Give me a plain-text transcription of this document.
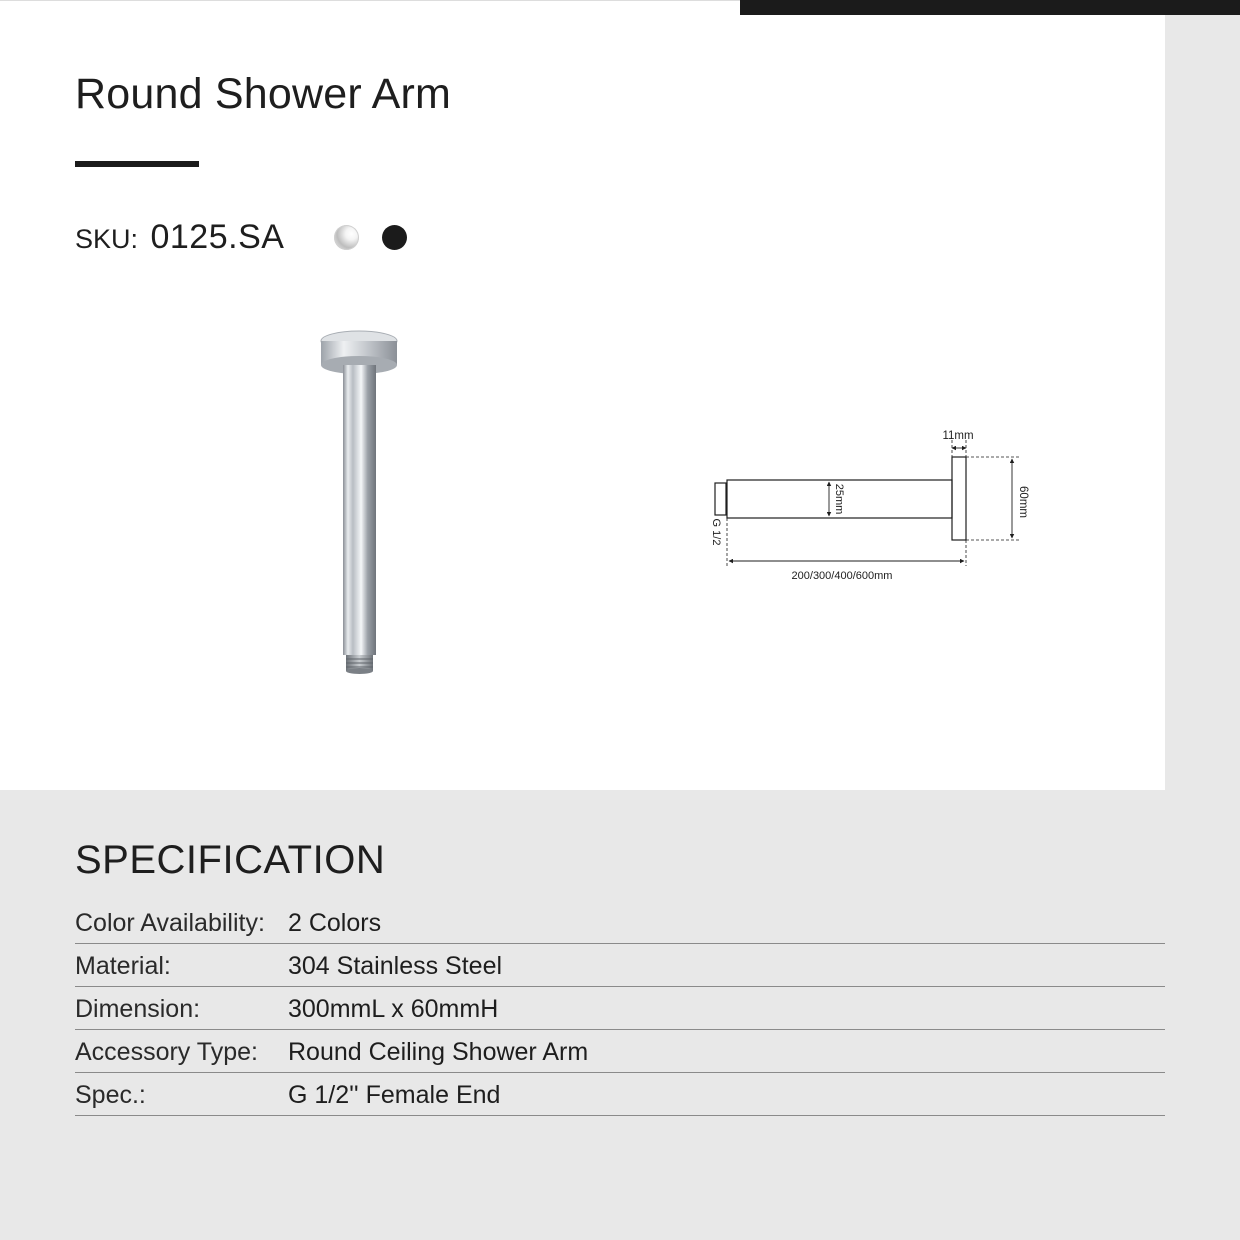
Round Shower Arm
SKU: 0125.SA
11mm
60mm
25mm
G 1/2
200/300/400/600mm
SPECIFICATION
Color Availability: 2 Colors
Material:	304 Stainless Steel
Dimension:	300mmL x 60mmH
Accessory Type: Round Ceiling Shower Arm
Spec.:	G 1/2'' Female End
